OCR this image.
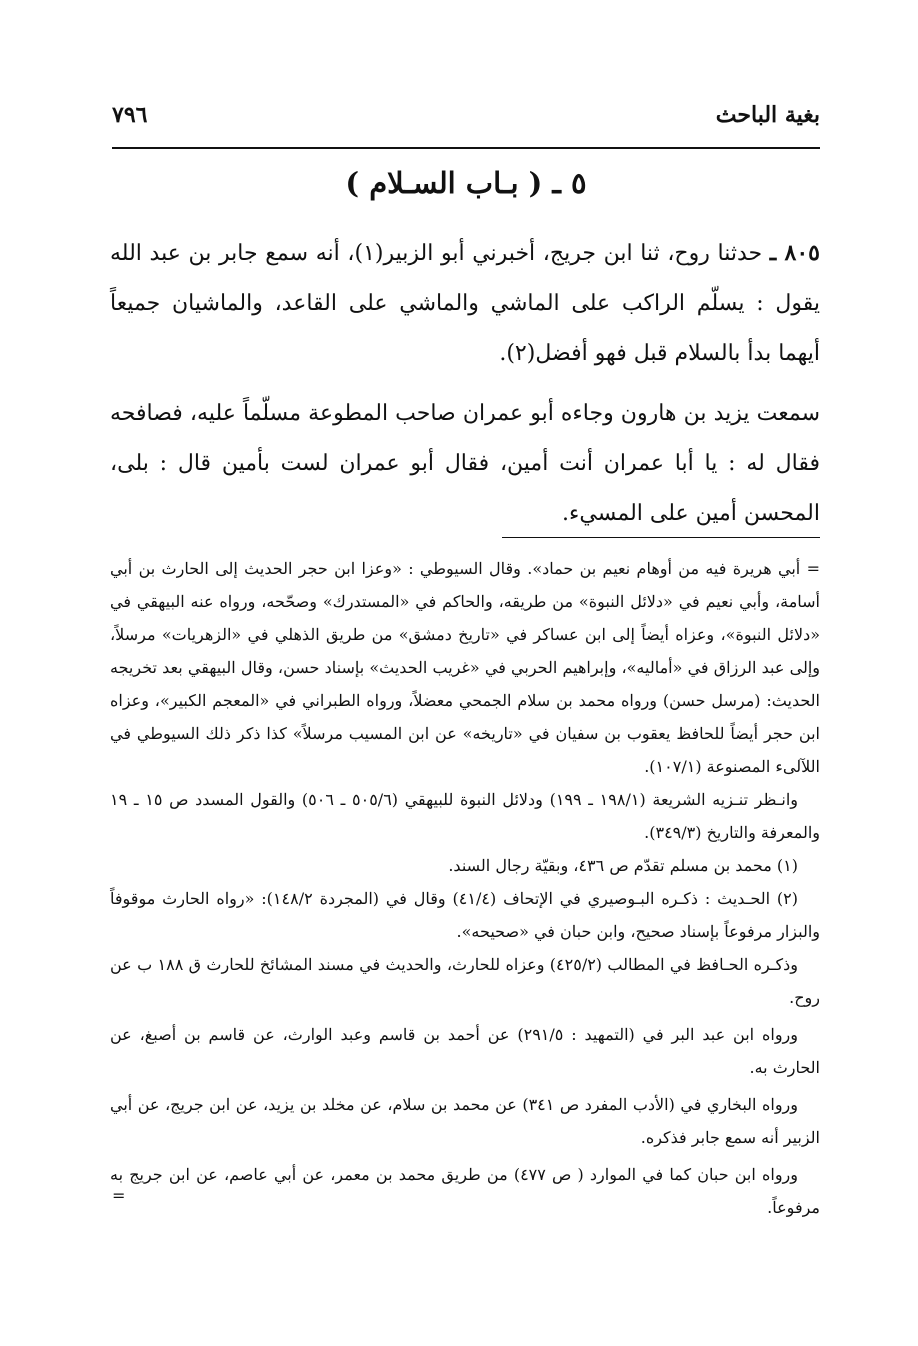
بغية الباحث
٧٩٦
٥ ـ ( بـاب السـلام )

٨٠٥ ـ حدثنا روح، ثنا ابن جريج، أخبرني أبو الزبير(١)، أنه سمع جابر بن عبد الله يقول : يسلّم الراكب على الماشي والماشي على القاعد، والماشيان جميعاً أيهما بدأ بالسلام قبل فهو أفضل(٢).

سمعت يزيد بن هارون وجاءه أبو عمران صاحب المطوعة مسلّماً عليه، فصافحه فقال له : يا أبا عمران أنت أمين، فقال أبو عمران لست بأمين قال : بلى، المحسن أمين على المسيء.

= أبي هريرة فيه من أوهام نعيم بن حماد». وقال السيوطي : «وعزا ابن حجر الحديث إلى الحارث بن أبي أسامة، وأبي نعيم في «دلائل النبوة» من طريقه، والحاكم في «المستدرك» وصحّحه، ورواه عنه البيهقي في «دلائل النبوة»، وعزاه أيضاً إلى ابن عساكر في «تاريخ دمشق» من طريق الذهلي في «الزهريات» مرسلاً، وإلى عبد الرزاق في «أماليه»، وإبراهيم الحربي في «غريب الحديث» بإسناد حسن، وقال البيهقي بعد تخريجه الحديث: (مرسل حسن) ورواه محمد بن سلام الجمحي معضلاً، ورواه الطبراني في «المعجم الكبير»، وعزاه ابن حجر أيضاً للحافظ يعقوب بن سفيان في «تاريخه» عن ابن المسيب مرسلاً» كذا ذكر ذلك السيوطي في اللآلىء المصنوعة (١٠٧/١).

وانـظر تنـزيه الشريعة (١٩٨/١ ـ ١٩٩) ودلائل النبوة للبيهقي (٥٠٥/٦ ـ ٥٠٦) والقول المسدد ص ١٥ ـ ١٩ والمعرفة والتاريخ (٣٤٩/٣).

(١) محمد بن مسلم تقدّم ص ٤٣٦، وبقيّة رجال السند.

(٢) الحـديث : ذكـره البـوصيري في الإتحاف (٤١/٤) وقال في (المجردة ١٤٨/٢): «رواه الحارث موقوفاً والبزار مرفوعاً بإسناد صحيح، وابن حبان في «صحيحه».

وذكـره الحـافظ في المطالب (٤٢٥/٢) وعزاه للحارث، والحديث في مسند المشائخ للحارث ق ١٨٨ ب عن روح.

ورواه ابن عبد البر في (التمهيد : ٢٩١/٥) عن أحمد بن قاسم وعبد الوارث، عن قاسم بن أصبغ، عن الحارث به.

ورواه البخاري في (الأدب المفرد ص ٣٤١) عن محمد بن سلام، عن مخلد بن يزيد، عن ابن جريج، عن أبي الزبير أنه سمع جابر فذكره.

ورواه ابن حبان كما في الموارد ( ص ٤٧٧) من طريق محمد بن معمر، عن أبي عاصم، عن ابن جريج به مرفوعاً.

=
